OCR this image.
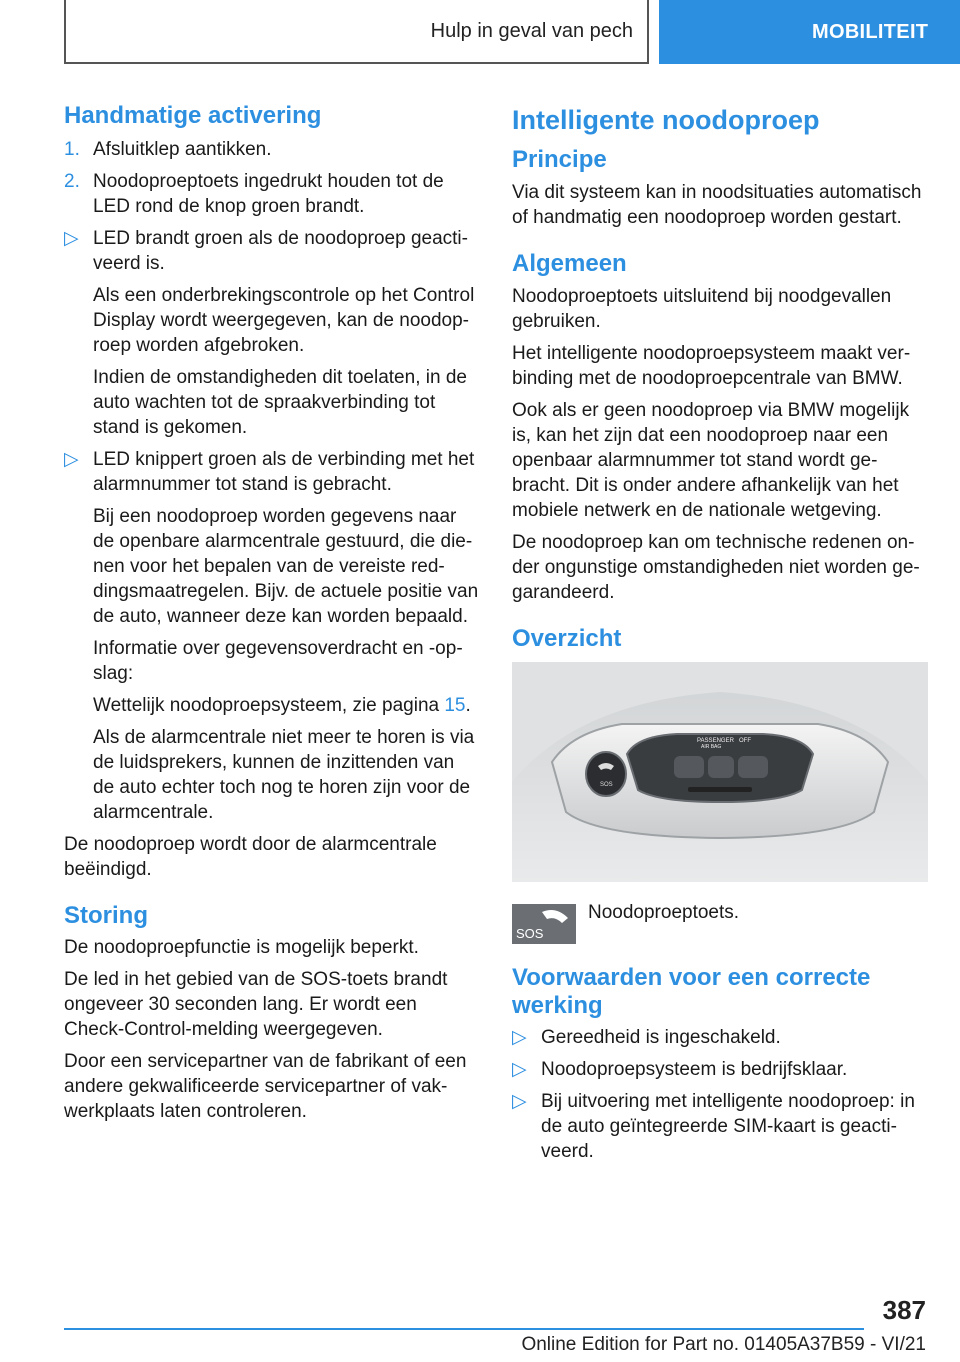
Hulp in geval van pech	MOBILITEIT
Handmatige activering
1. Afsluitklep aantikken.
2. Noodoproeptoets ingedrukt houden tot de LED rond de knop groen brandt.
▷ LED brandt groen als de noodoproep geacti-veerd is.

Als een onderbrekingscontrole op het Control Display wordt weergegeven, kan de noodop-roep worden afgebroken.

Indien de omstandigheden dit toelaten, in de auto wachten tot de spraakverbinding tot stand is gekomen.

▷ LED knippert groen als de verbinding met het alarmnummer tot stand is gebracht.

Bij een noodoproep worden gegevens naar de openbare alarmcentrale gestuurd, die die-nen voor het bepalen van de vereiste red-dingsmaatregelen. Bijv. de actuele positie van de auto, wanneer deze kan worden bepaald.

Informatie over gegevensoverdracht en -op-slag:

Wettelijk noodoproepsysteem, zie pagina 15.

Als de alarmcentrale niet meer te horen is via de luidsprekers, kunnen de inzittenden van de auto echter toch nog te horen zijn voor de alarmcentrale.

De noodoproep wordt door de alarmcentrale beëindigd.

Storing

De noodoproepfunctie is mogelijk beperkt.

De led in het gebied van de SOS-toets brandt ongeveer 30 seconden lang. Er wordt een Check-Control-melding weergegeven.

Door een servicepartner van de fabrikant of een andere gekwalificeerde servicepartner of vak-werkplaats laten controleren.

Intelligente noodoproep
Principe

Via dit systeem kan in noodsituaties automatisch of handmatig een noodoproep worden gestart.

Algemeen

Noodoproeptoets uitsluitend bij noodgevallen gebruiken.

Het intelligente noodoproepsysteem maakt ver-binding met de noodoproepcentrale van BMW.

Ook als er geen noodoproep via BMW mogelijk is, kan het zijn dat een noodoproep naar een openbaar alarmnummer tot stand wordt ge-bracht. Dit is onder andere afhankelijk van het mobiele netwerk en de nationale wetgeving.

De noodoproep kan om technische redenen on-der ongunstige omstandigheden niet worden ge-garandeerd.

Overzicht
PASSENGER
AIR BAG
OFF
SOS
SOS

Noodoproeptoets.

Voorwaarden voor een correcte werking
▷ Gereedheid is ingeschakeld.
▷ Noodoproepsysteem is bedrijfsklaar.
▷ Bij uitvoering met intelligente noodoproep: in de auto geïntegreerde SIM-kaart is geacti-veerd.
387
Online Edition for Part no. 01405A37B59 - VI/21
